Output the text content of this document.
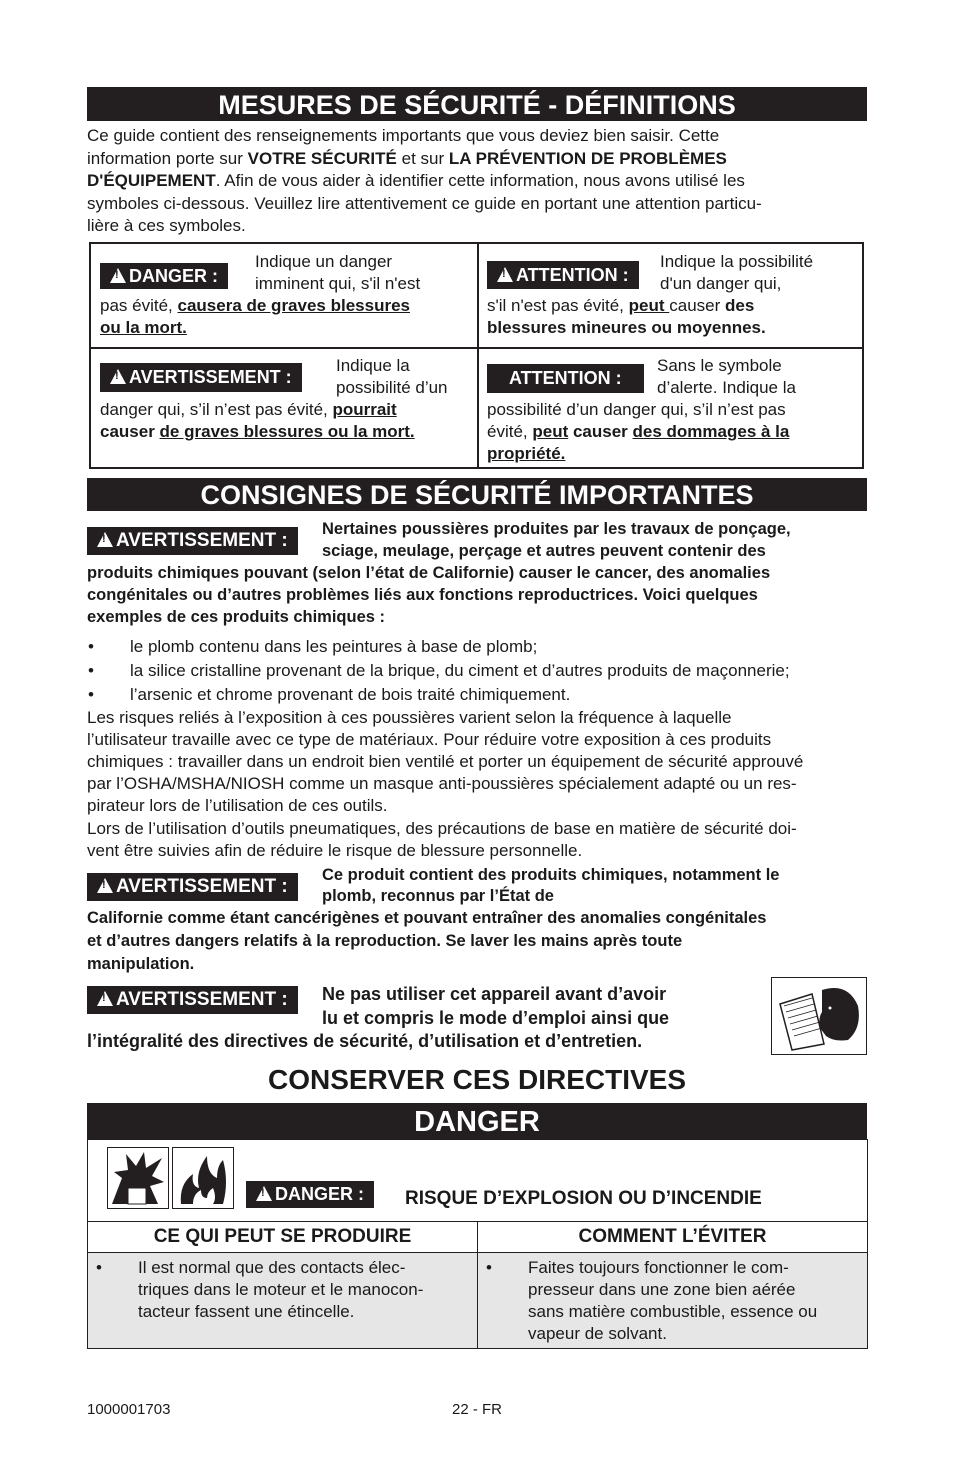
MESURES DE SÉCURITÉ - DÉFINITIONS
Ce guide contient des renseignements importants que vous deviez bien saisir. Cette
information porte sur VOTRE SÉCURITÉ et sur LA PRÉVENTION DE PROBLÈMES
D'ÉQUIPEMENT. Afin de vous aider à identifier cette information, nous avons utilisé les
symboles ci-dessous. Veuillez lire attentivement ce guide en portant une attention particu-
lière à ces symboles.
!DANGER :
Indique un danger
imminent qui, s'il n'est
pas évité, causera de graves blessures
ou la mort.
!ATTENTION :
Indique la possibilité
d'un danger qui,
s'il n'est pas évité, peut causer des
blessures mineures ou moyennes.
!AVERTISSEMENT :
Indique la
possibilité d’un
danger qui, s’il n’est pas évité, pourrait
causer de graves blessures ou la mort.
ATTENTION :
Sans le symbole
d’alerte. Indique la
possibilité d’un danger qui, s’il n’est pas
évité, peut causer des dommages à la
propriété.
CONSIGNES DE SÉCURITÉ IMPORTANTES
!AVERTISSEMENT :
Nertaines poussières produites par les travaux de ponçage,
sciage, meulage, perçage et autres peuvent contenir des
produits chimiques pouvant (selon l’état de Californie) causer le cancer, des anomalies
congénitales ou d’autres problèmes liés aux fonctions reproductrices. Voici quelques
exemples de ces produits chimiques :
• le plomb contenu dans les peintures à base de plomb;
• la silice cristalline provenant de la brique, du ciment et d’autres produits de maçonnerie;
• l’arsenic et chrome provenant de bois traité chimiquement.
Les risques reliés à l’exposition à ces poussières varient selon la fréquence à laquelle
l’utilisateur travaille avec ce type de matériaux. Pour réduire votre exposition à ces produits
chimiques : travailler dans un endroit bien ventilé et porter un équipement de sécurité approuvé
par l’OSHA/MSHA/NIOSH comme un masque anti-poussières spécialement adapté ou un res-
pirateur lors de l’utilisation de ces outils.
Lors de l’utilisation d’outils pneumatiques, des précautions de base en matière de sécurité doi-
vent être suivies afin de réduire le risque de blessure personnelle.
!AVERTISSEMENT :
Ce produit contient des produits chimiques, notamment le
plomb, reconnus par l’État de
Californie comme étant cancérigènes et pouvant entraîner des anomalies congénitales
et d’autres dangers relatifs à la reproduction. Se laver les mains après toute
manipulation.
!AVERTISSEMENT :	Ne pas utiliser cet appareil avant d’avoir
lu et compris le mode d’emploi ainsi que
l’intégralité des directives de sécurité, d’utilisation et d’entretien.
CONSERVER CES DIRECTIVES
DANGER
!DANGER :	RISQUE D’EXPLOSION OU D’INCENDIE
CE QUI PEUT SE PRODUIRE	COMMENT L’ÉVITER
• Il est normal que des contacts élec-
triques dans le moteur et le manocon-
tacteur fassent une étincelle.
• Faites toujours fonctionner le com-
presseur dans une zone bien aérée
sans matière combustible, essence ou
vapeur de solvant.
1000001703	22 - FR
